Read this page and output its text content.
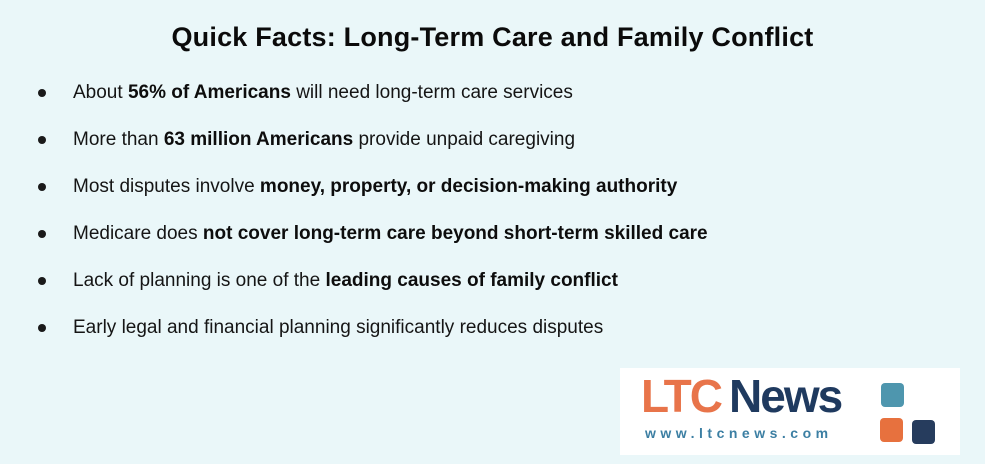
Quick Facts: Long-Term Care and Family Conflict
About 56% of Americans will need long-term care services
More than 63 million Americans provide unpaid caregiving
Most disputes involve money, property, or decision-making authority
Medicare does not cover long-term care beyond short-term skilled care
Lack of planning is one of the leading causes of family conflict
Early legal and financial planning significantly reduces disputes
LTC News
www.ltcnews.com
